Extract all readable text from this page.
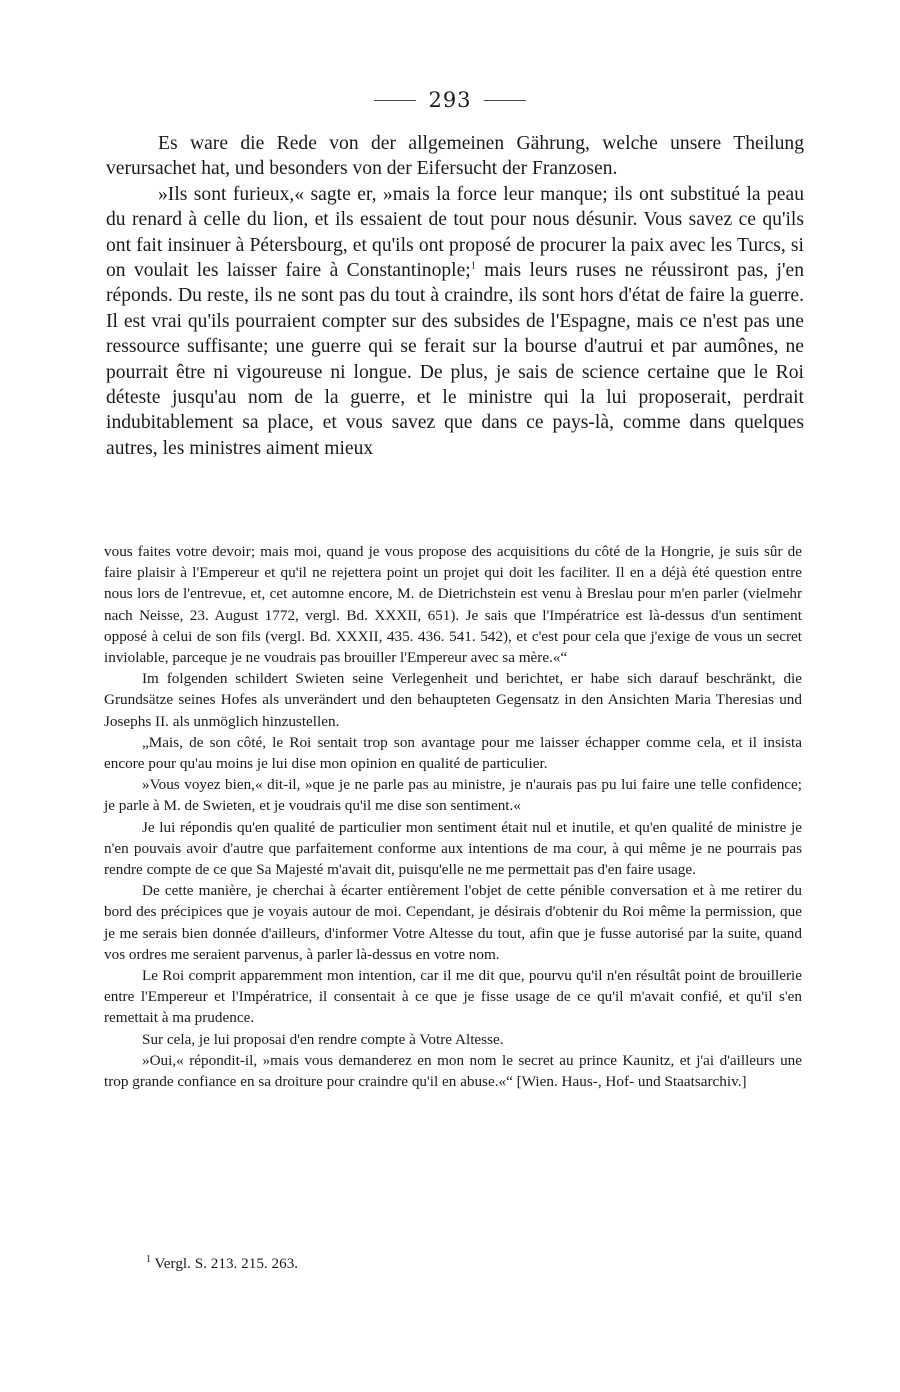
293

Es ware die Rede von der allgemeinen Gährung, welche unsere Theilung verursachet hat, und besonders von der Eifersucht der Franzosen.

»Ils sont furieux,« sagte er, »mais la force leur manque; ils ont substitué la peau du renard à celle du lion, et ils essaient de tout pour nous désunir. Vous savez ce qu'ils ont fait insinuer à Pétersbourg, et qu'ils ont proposé de procurer la paix avec les Turcs, si on voulait les laisser faire à Constantinople;$^1$ mais leurs ruses ne réussiront pas, j'en réponds. Du reste, ils ne sont pas du tout à craindre, ils sont hors d'état de faire la guerre. Il est vrai qu'ils pourraient compter sur des subsides de l'Espagne, mais ce n'est pas une ressource suffisante; une guerre qui se ferait sur la bourse d'autrui et par aumônes, ne pourrait être ni vigoureuse ni longue. De plus, je sais de science certaine que le Roi déteste jusqu'au nom de la guerre, et le ministre qui la lui proposerait, perdrait indubitablement sa place, et vous savez que dans ce pays-là, comme dans quelques autres, les ministres aiment mieux

vous faites votre devoir; mais moi, quand je vous propose des acquisitions du côté de la Hongrie, je suis sûr de faire plaisir à l'Empereur et qu'il ne rejettera point un projet qui doit les faciliter. Il en a déjà été question entre nous lors de l'entrevue, et, cet automne encore, M. de Dietrichstein est venu à Breslau pour m'en parler (vielmehr nach Neisse, 23. August 1772, vergl. Bd. XXXII, 651). Je sais que l'Impératrice est là-dessus d'un sentiment opposé à celui de son fils (vergl. Bd. XXXII, 435. 436. 541. 542), et c'est pour cela que j'exige de vous un secret inviolable, parceque je ne voudrais pas brouiller l'Empereur avec sa mère.«“

Im folgenden schildert Swieten seine Verlegenheit und berichtet, er habe sich darauf beschränkt, die Grundsätze seines Hofes als unverändert und den behaupteten Gegensatz in den Ansichten Maria Theresias und Josephs II. als unmöglich hinzustellen.

„Mais, de son côté, le Roi sentait trop son avantage pour me laisser échapper comme cela, et il insista encore pour qu'au moins je lui dise mon opinion en qualité de particulier.

»Vous voyez bien,« dit-il, »que je ne parle pas au ministre, je n'aurais pas pu lui faire une telle confidence; je parle à M. de Swieten, et je voudrais qu'il me dise son sentiment.«

Je lui répondis qu'en qualité de particulier mon sentiment était nul et inutile, et qu'en qualité de ministre je n'en pouvais avoir d'autre que parfaitement conforme aux intentions de ma cour, à qui même je ne pourrais pas rendre compte de ce que Sa Majesté m'avait dit, puisqu'elle ne me permettait pas d'en faire usage.

De cette manière, je cherchai à écarter entièrement l'objet de cette pénible conversation et à me retirer du bord des précipices que je voyais autour de moi. Cependant, je désirais d'obtenir du Roi même la permission, que je me serais bien donnée d'ailleurs, d'informer Votre Altesse du tout, afin que je fusse autorisé par la suite, quand vos ordres me seraient parvenus, à parler là-dessus en votre nom.

Le Roi comprit apparemment mon intention, car il me dit que, pourvu qu'il n'en résultât point de brouillerie entre l'Empereur et l'Impératrice, il consentait à ce que je fisse usage de ce qu'il m'avait confié, et qu'il s'en remettait à ma prudence.

Sur cela, je lui proposai d'en rendre compte à Votre Altesse.

»Oui,« répondit-il, »mais vous demanderez en mon nom le secret au prince Kaunitz, et j'ai d'ailleurs une trop grande confiance en sa droiture pour craindre qu'il en abuse.«“ [Wien. Haus-, Hof- und Staatsarchiv.]

$^1$ Vergl. S. 213. 215. 263.
